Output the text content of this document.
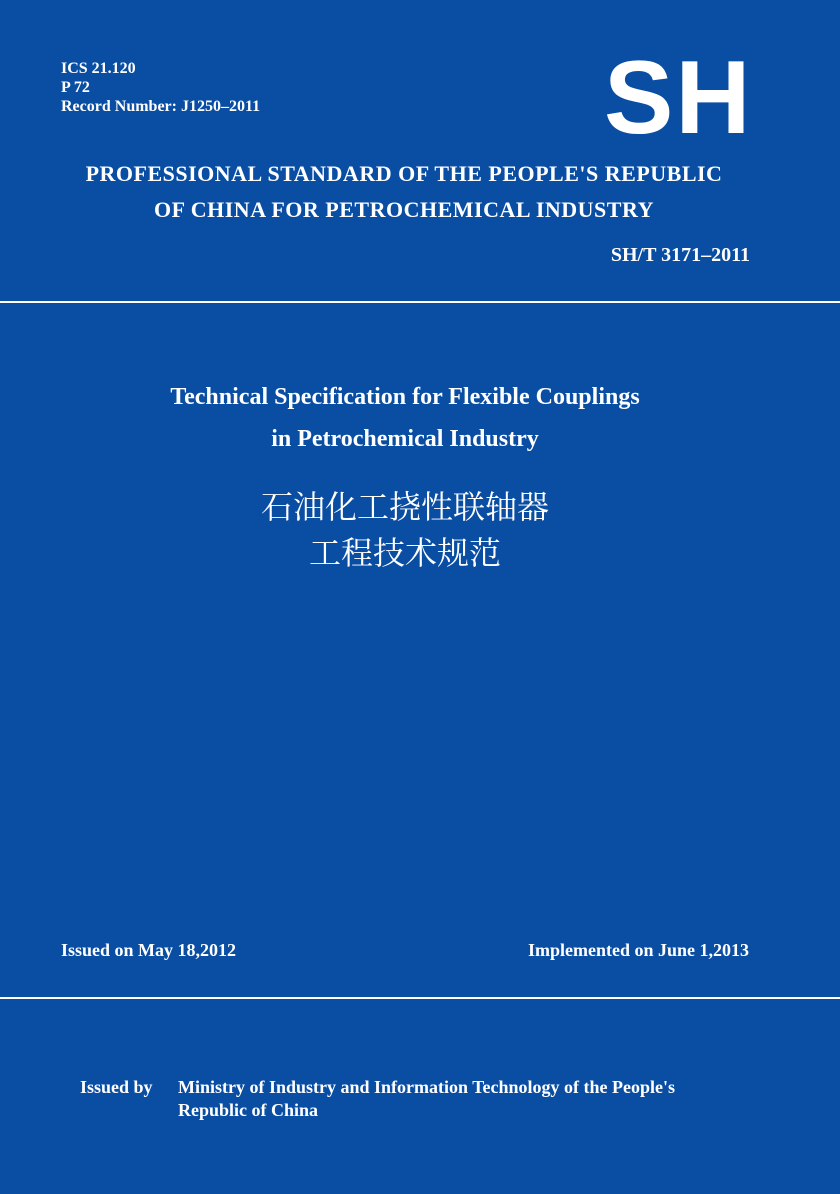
ICS 21.120
P 72
Record Number: J1250–2011	SH
PROFESSIONAL STANDARD OF THE PEOPLE'S REPUBLIC
OF CHINA FOR PETROCHEMICAL INDUSTRY
SH/T 3171–2011
Technical Specification for Flexible Couplings
in Petrochemical Industry
石油化工挠性联轴器
工程技术规范
Issued on May 18,2012	Implemented on June 1,2013
Issued by	Ministry of Industry and Information Technology of the People's
Republic of China
